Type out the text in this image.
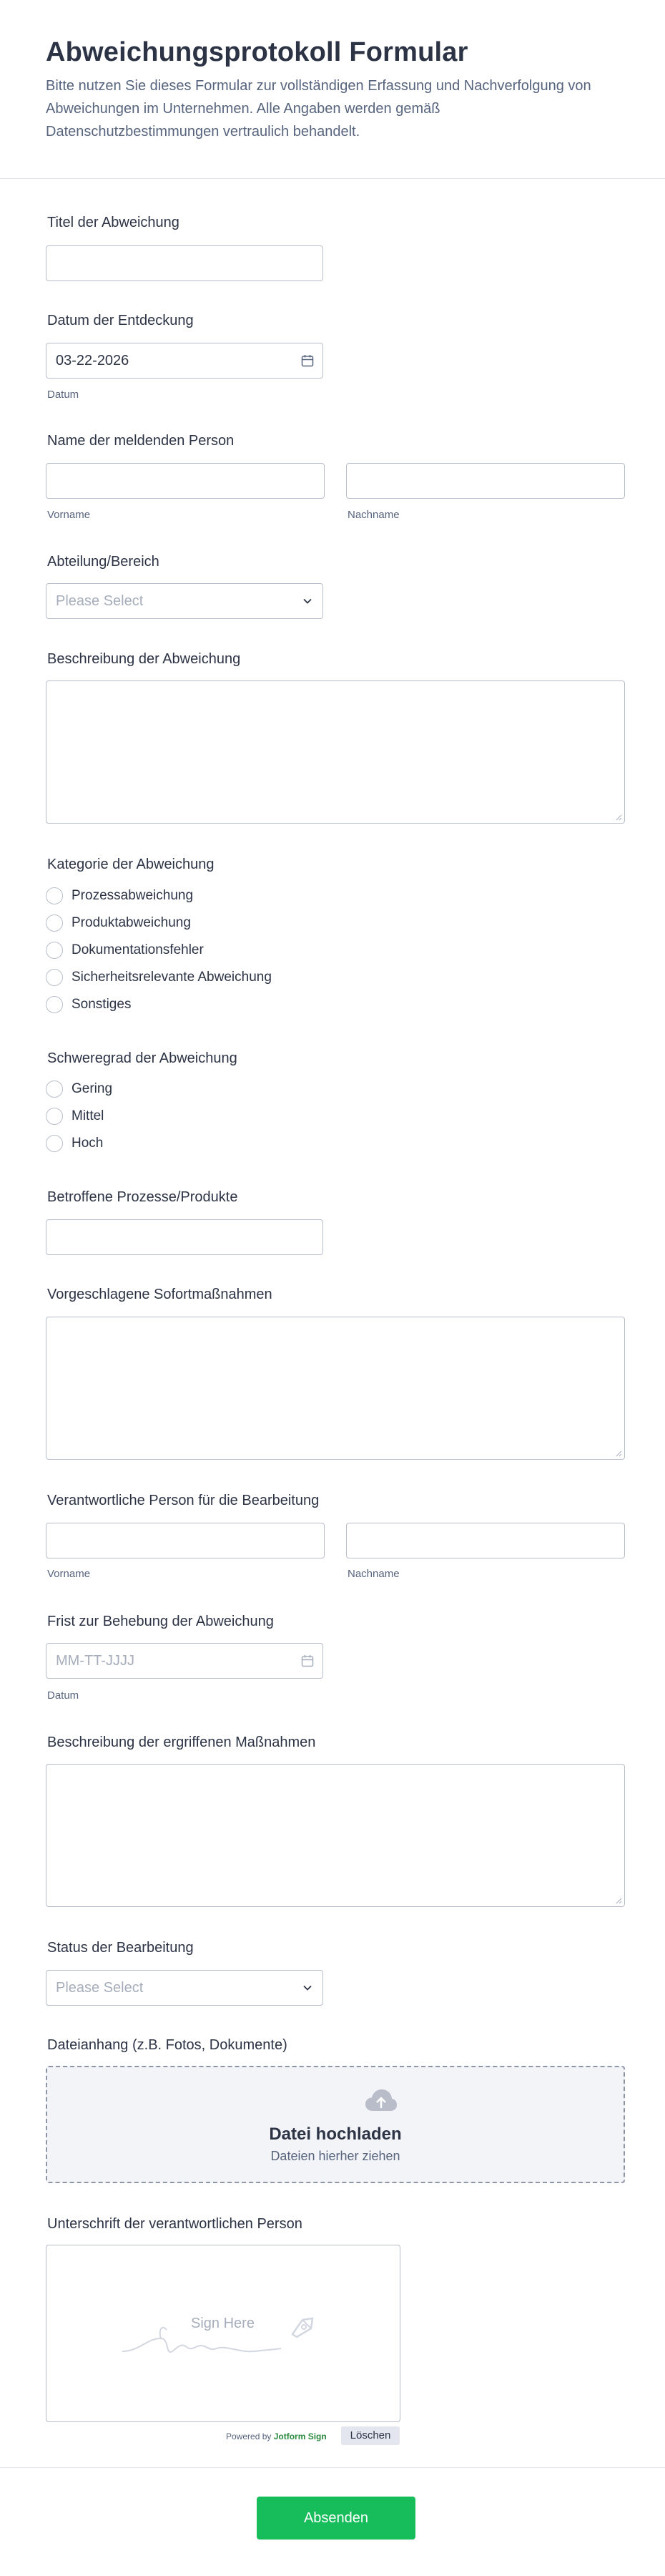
Abweichungsprotokoll Formular

Bitte nutzen Sie dieses Formular zur vollständigen Erfassung und Nachverfolgung von Abweichungen im Unternehmen. Alle Angaben werden gemäß Datenschutzbestimmungen vertraulich behandelt.

Titel der Abweichung
Datum der Entdeckung
03-22-2026
Datum
Name der meldenden Person
Vorname	Nachname
Abteilung/Bereich
Please Select
Beschreibung der Abweichung
Kategorie der Abweichung
Prozessabweichung
Produktabweichung
Dokumentationsfehler
Sicherheitsrelevante Abweichung
Sonstiges
Schweregrad der Abweichung
Gering
Mittel
Hoch
Betroffene Prozesse/Produkte
Vorgeschlagene Sofortmaßnahmen
Verantwortliche Person für die Bearbeitung
Vorname	Nachname
Frist zur Behebung der Abweichung
MM-TT-JJJJ
Datum
Beschreibung der ergriffenen Maßnahmen
Status der Bearbeitung
Please Select
Dateianhang (z.B. Fotos, Dokumente)
Datei hochladen
Dateien hierher ziehen
Unterschrift der verantwortlichen Person
Sign Here
Powered by Jotform Sign	Löschen
Absenden
